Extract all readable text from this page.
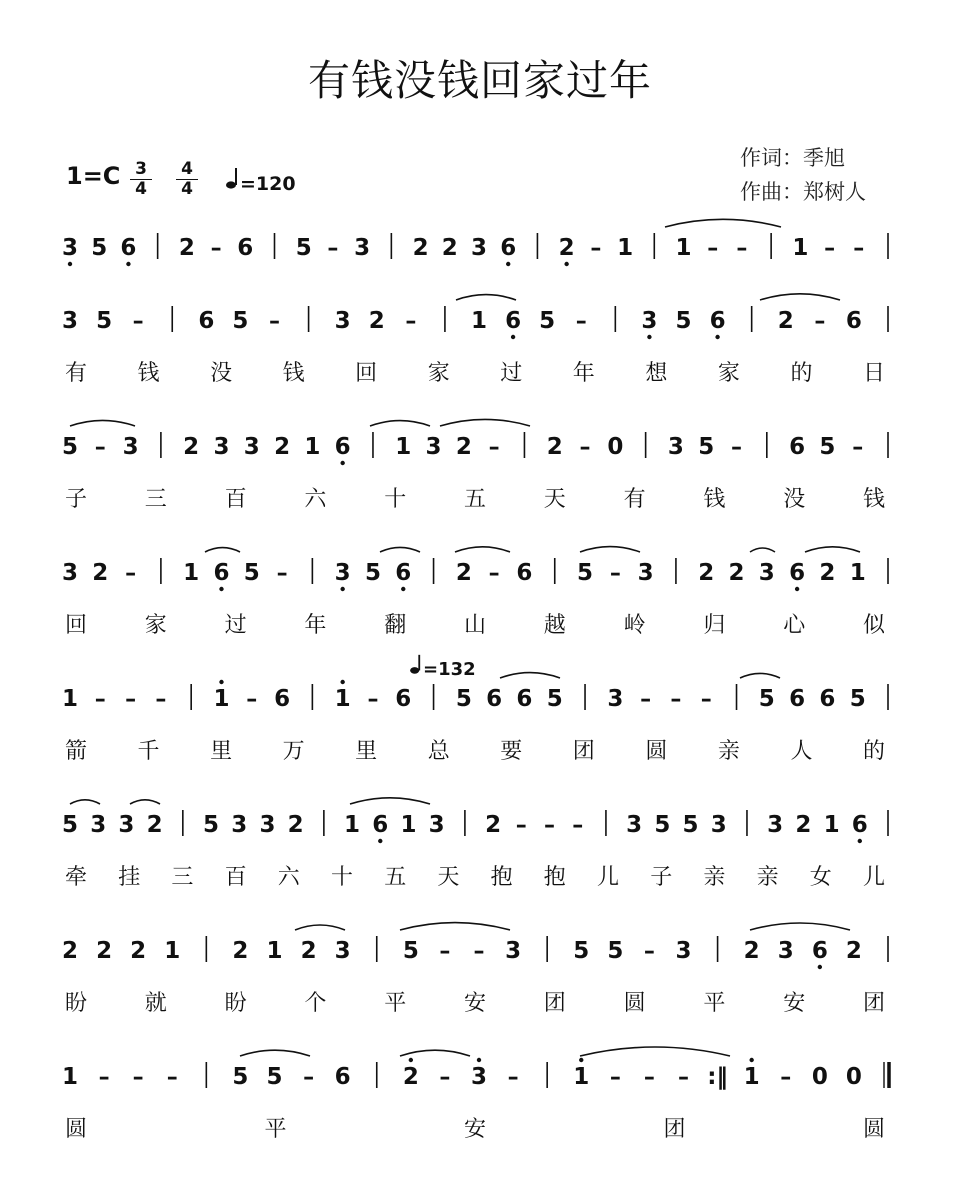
有钱没钱回家过年
作词：季旭
作曲：郑树人
$1=C \frac{3}{4} \frac{4}{4}$	=120
=132
3 5 6 2 – 6 5 – 3 2 2 3 6 2 – 1 1 – – 1 – –
3 5 – 6 5 – 3 2 – 1 6 5 – 3 5 6 2 – 6
有 钱 没 钱 回 家 过 年 想 家 的 日
5 – 3 2 3 3 2 1 6 1 3 2 – 2 – 0 3 5 – 6 5 –
子	三	百	六	十	五	天	有	钱	没	钱
3 2 – 1 6 5 – 3 5 6 2 – 6 5 – 3 2 2 3 6 2 1
回	家	过	年	翻	山	越	岭	归	心	似
1 – – – 1 – 6 1 – 6 5 6 6 5 3 – – – 5 6 6 5
箭 千 里 万 里 总 要 团 圆 亲 人 的
5 3 3 2 5 3 3 2 1 6 1 3 2 – – – 3 5 5 3 3 2 1 6
牵 挂 三 百 六 十 五 天 抱 抱 儿 子 亲 亲 女 儿
2 2 2 1 2 1 2 3 5 – – 3 5 5 – 3 2 3 6 2
盼	就	盼	个	平	安	团	圆	平	安	团
1 – – – 5 5 – 6 2 – 3 – 1 – – – :‖ 1 – 0 0
圆	平	安	团	圆
